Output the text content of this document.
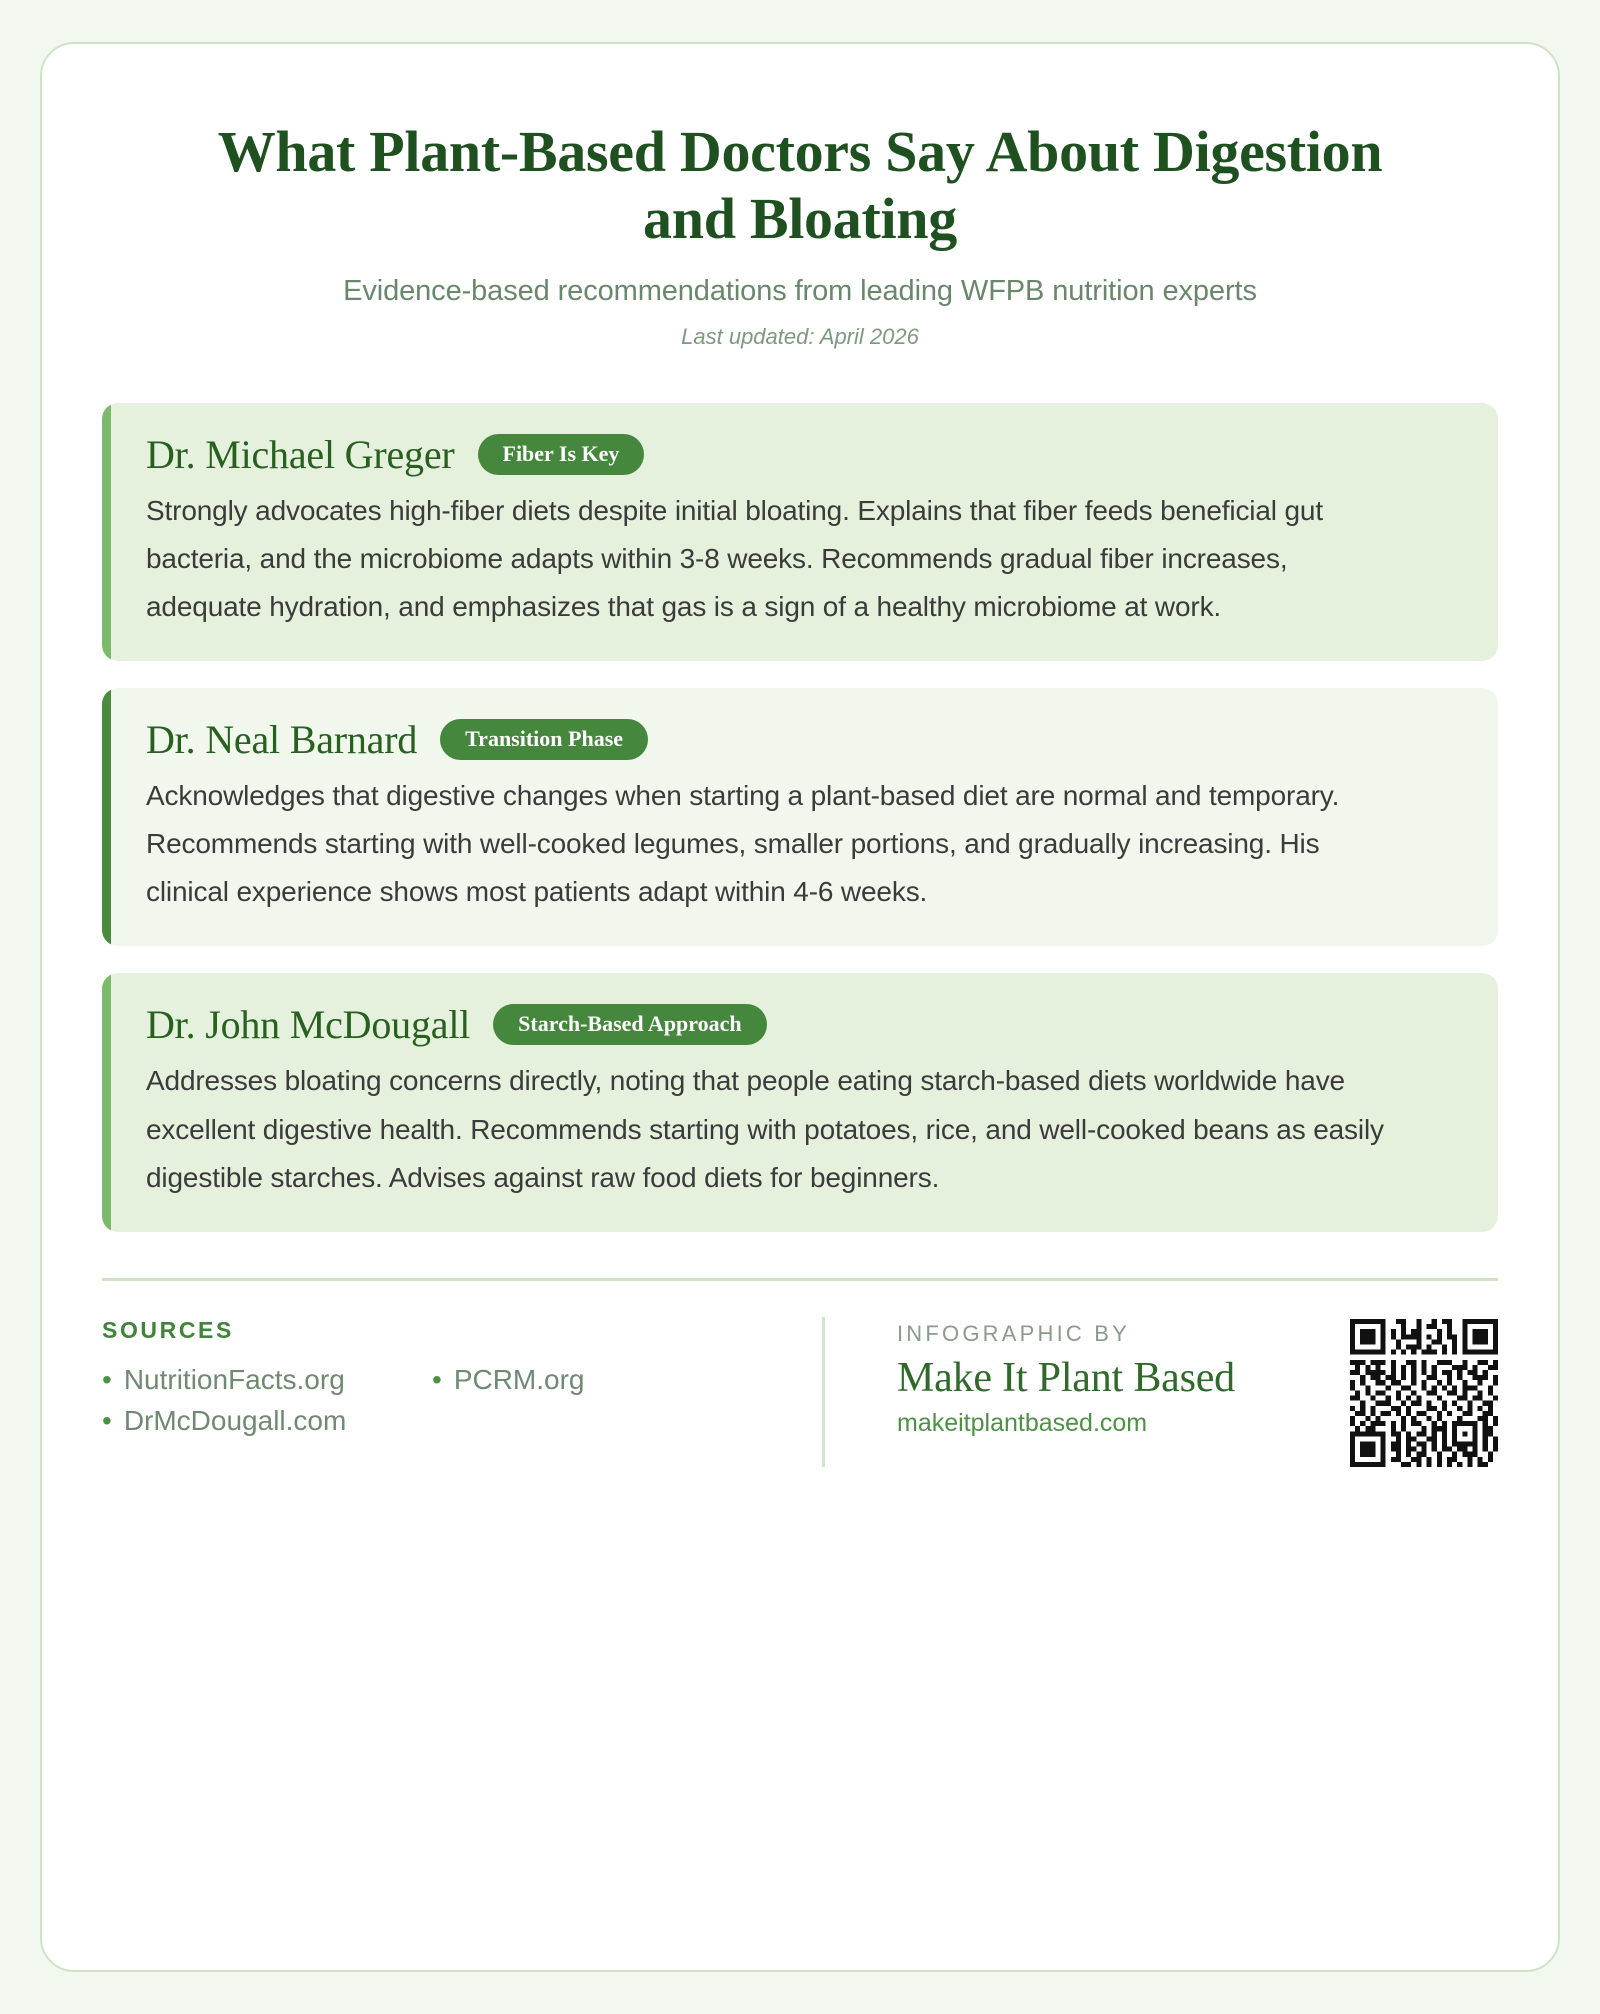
What Plant-Based Doctors Say About Digestion and Bloating
Evidence-based recommendations from leading WFPB nutrition experts
Last updated: April 2026
Dr. Michael Greger	Fiber Is Key
Strongly advocates high-fiber diets despite initial bloating. Explains that fiber feeds beneficial gut bacteria, and the microbiome adapts within 3-8 weeks. Recommends gradual fiber increases, adequate hydration, and emphasizes that gas is a sign of a healthy microbiome at work.
Dr. Neal Barnard	Transition Phase
Acknowledges that digestive changes when starting a plant-based diet are normal and temporary. Recommends starting with well-cooked legumes, smaller portions, and gradually increasing. His clinical experience shows most patients adapt within 4-6 weeks.
Dr. John McDougall	Starch-Based Approach
Addresses bloating concerns directly, noting that people eating starch-based diets worldwide have excellent digestive health. Recommends starting with potatoes, rice, and well-cooked beans as easily digestible starches. Advises against raw food diets for beginners.
SOURCES
• NutritionFacts.org	• PCRM.org
• DrMcDougall.com
INFOGRAPHIC BY
Make It Plant Based
makeitplantbased.com
